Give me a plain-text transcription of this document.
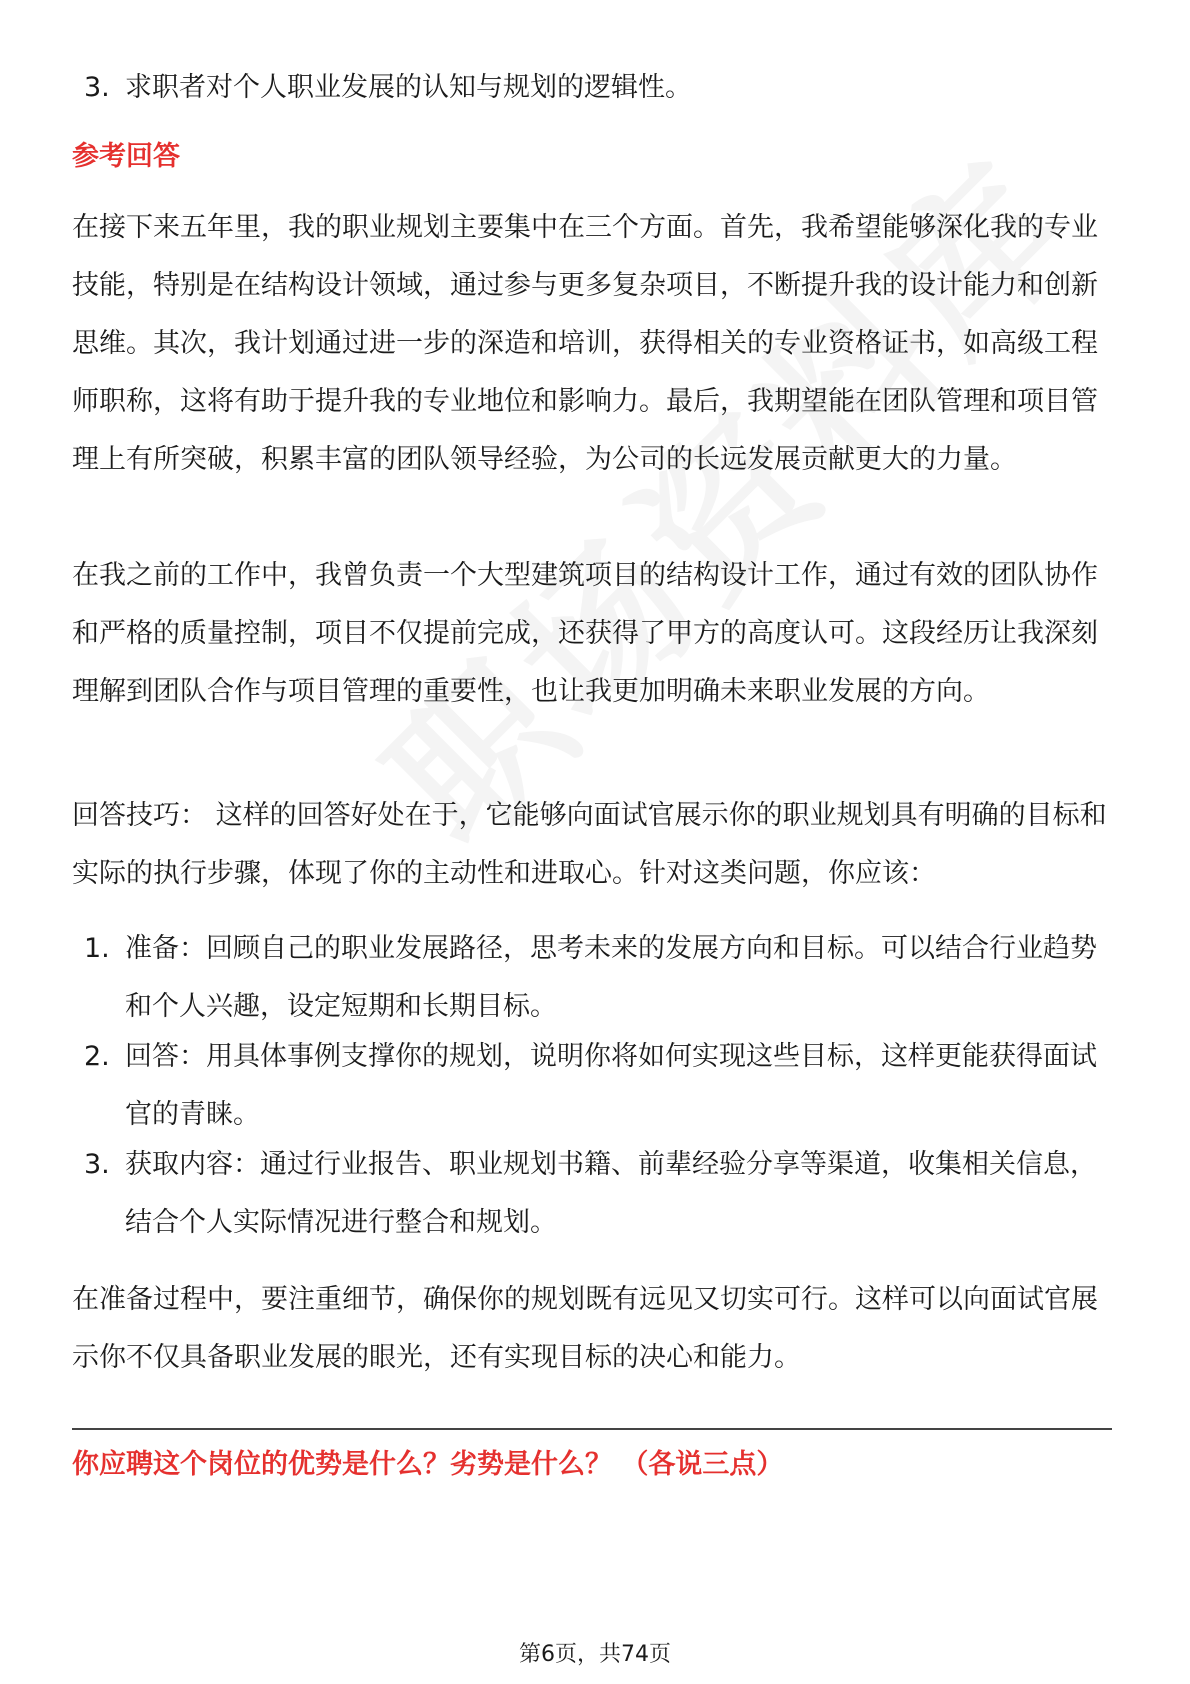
3. 求职者对个人职业发展的认知与规划的逻辑性。
参考回答
在接下来五年里，我的职业规划主要集中在三个方面。首先，我希望能够深化我的专业技能，特别是在结构设计领域，通过参与更多复杂项目，不断提升我的设计能力和创新思维。其次，我计划通过进一步的深造和培训，获得相关的专业资格证书，如高级工程师职称，这将有助于提升我的专业地位和影响力。最后，我期望能在团队管理和项目管理上有所突破，积累丰富的团队领导经验，为公司的长远发展贡献更大的力量。
在我之前的工作中，我曾负责一个大型建筑项目的结构设计工作，通过有效的团队协作和严格的质量控制，项目不仅提前完成，还获得了甲方的高度认可。这段经历让我深刻理解到团队合作与项目管理的重要性，也让我更加明确未来职业发展的方向。
回答技巧： 这样的回答好处在于，它能够向面试官展示你的职业规划具有明确的目标和实际的执行步骤，体现了你的主动性和进取心。针对这类问题，你应该：
1. 准备：回顾自己的职业发展路径，思考未来的发展方向和目标。可以结合行业趋势和个人兴趣，设定短期和长期目标。
2. 回答：用具体事例支撑你的规划，说明你将如何实现这些目标，这样更能获得面试官的青睐。
3. 获取内容：通过行业报告、职业规划书籍、前辈经验分享等渠道，收集相关信息，结合个人实际情况进行整合和规划。
在准备过程中，要注重细节，确保你的规划既有远见又切实可行。这样可以向面试官展示你不仅具备职业发展的眼光，还有实现目标的决心和能力。
你应聘这个岗位的优势是什么？劣势是什么？ （各说三点）
第6页，共74页
